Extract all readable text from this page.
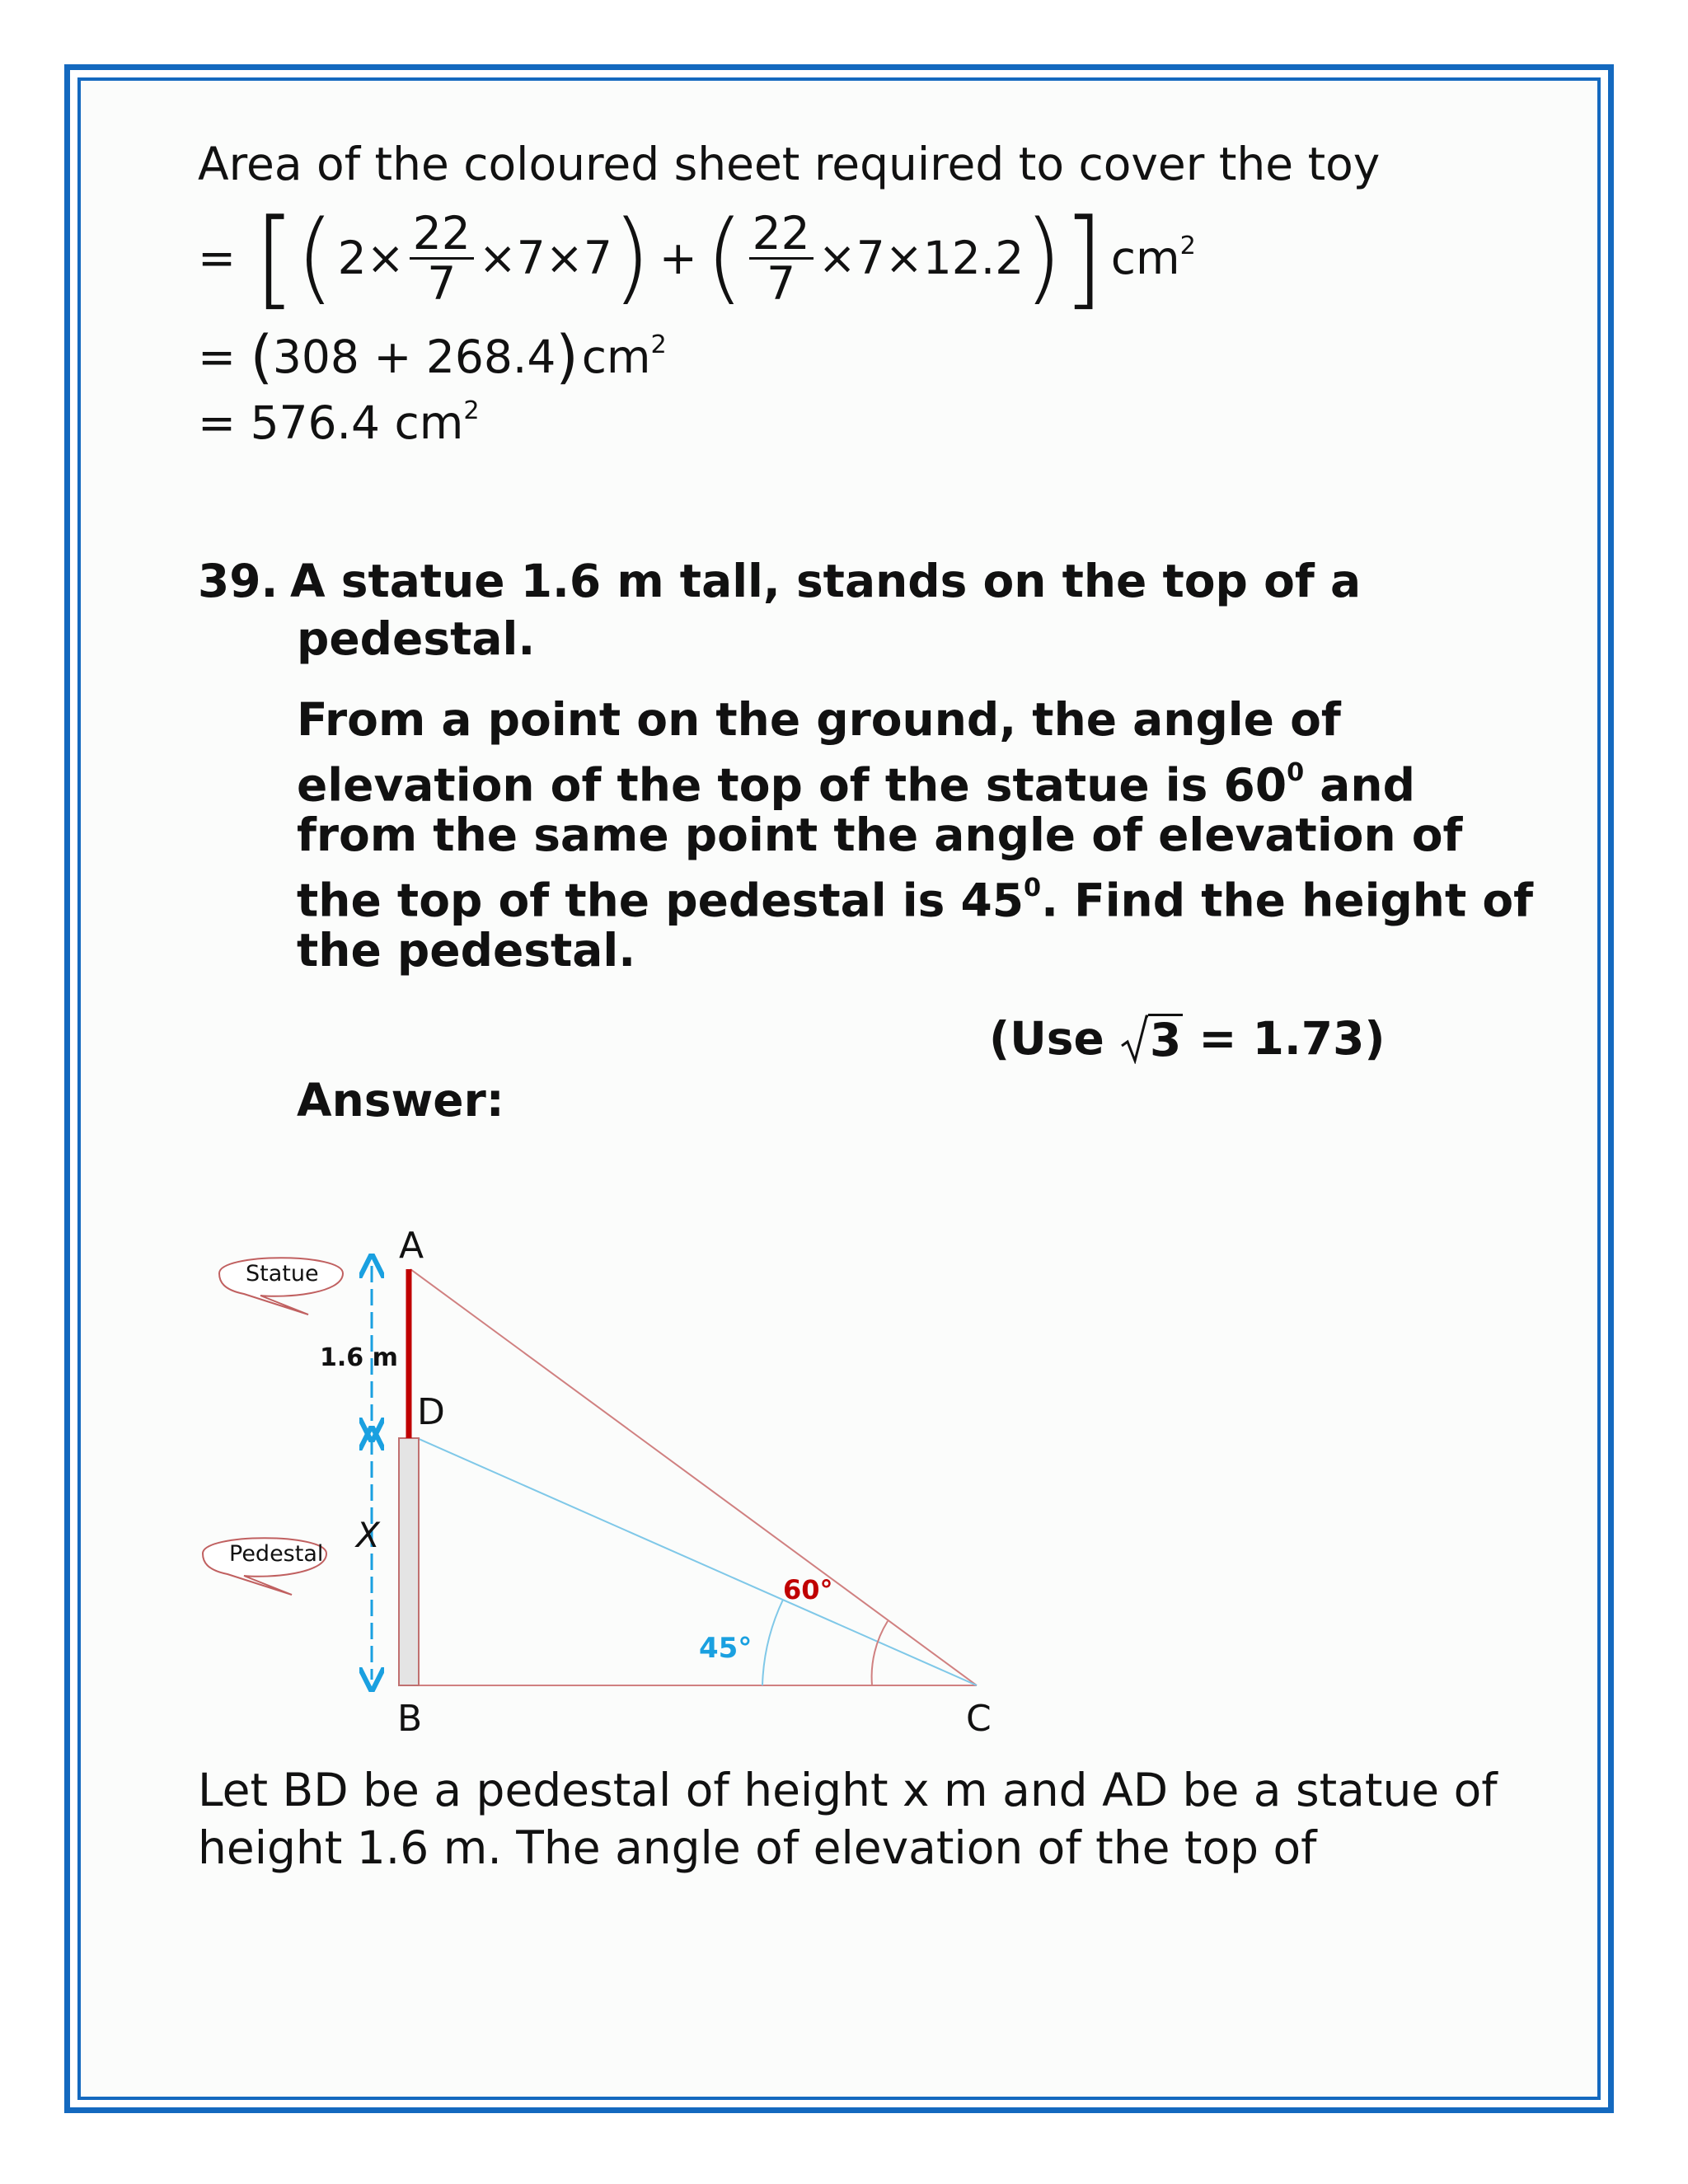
Area of the coloured sheet required to cover the toy
= [ ( $2\times \frac{22}{7} \times 7\times 7$ ) + ( $\frac{22}{7} \times 7\times 12.2$ ) ] $cm^2$
= ( 308 + 268.4 ) $cm^2$
= 576.4 $cm^2$
39. A statue 1.6 m tall, stands on the top of a
pedestal.
From a point on the ground, the angle of
elevation of the top of the statue is $60^0$ and
from the same point the angle of elevation of
the top of the pedestal is $45^0$. Find the height of
the pedestal.
(Use 3 = 1.73)
Answer:
A
D
B	C
Statue
Pedestal
1.6 m
X
60°
45°
Let BD be a pedestal of height x m and AD be a statue of
height 1.6 m. The angle of elevation of the top of
